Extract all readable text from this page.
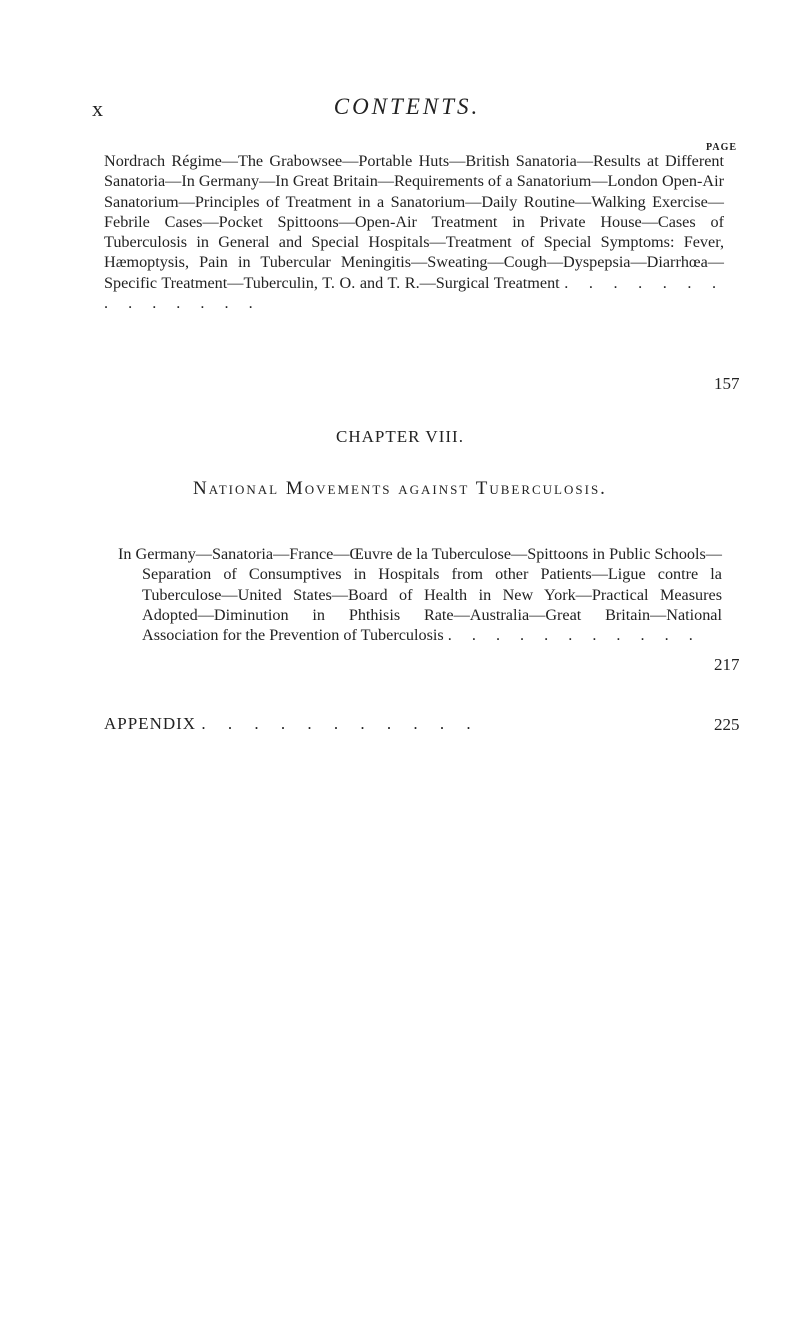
x	CONTENTS.
PAGE
Nordrach Régime—The Grabowsee—Portable Huts—British Sanatoria—Results at Different Sanatoria—In Germany—In Great Britain—Requirements of a Sanatorium—London Open-Air Sanatorium—Principles of Treatment in a Sanatorium—Daily Routine—Walking Exercise—Febrile Cases—Pocket Spittoons—Open-Air Treatment in Private House—Cases of Tuberculosis in General and Special Hospitals—Treatment of Special Symptoms: Fever, Hæmoptysis, Pain in Tubercular Meningitis—Sweating—Cough—Dyspepsia—Diarrhœa—Specific Treatment—Tuberculin, T. O. and T. R.—Surgical Treatment . . . . . . . . . . . . . .
157
CHAPTER VIII.
National Movements against Tuberculosis.
In Germany—Sanatoria—France—Œuvre de la Tuberculose—Spittoons in Public Schools—Separation of Consumptives in Hospitals from other Patients—Ligue contre la Tuberculose—United States—Board of Health in New York—Practical Measures Adopted—Diminution in Phthisis Rate—Australia—Great Britain—National Association for the Prevention of Tuberculosis . . . . . . . . . . .
217
APPENDIX . . . . . . . . . . .	225
